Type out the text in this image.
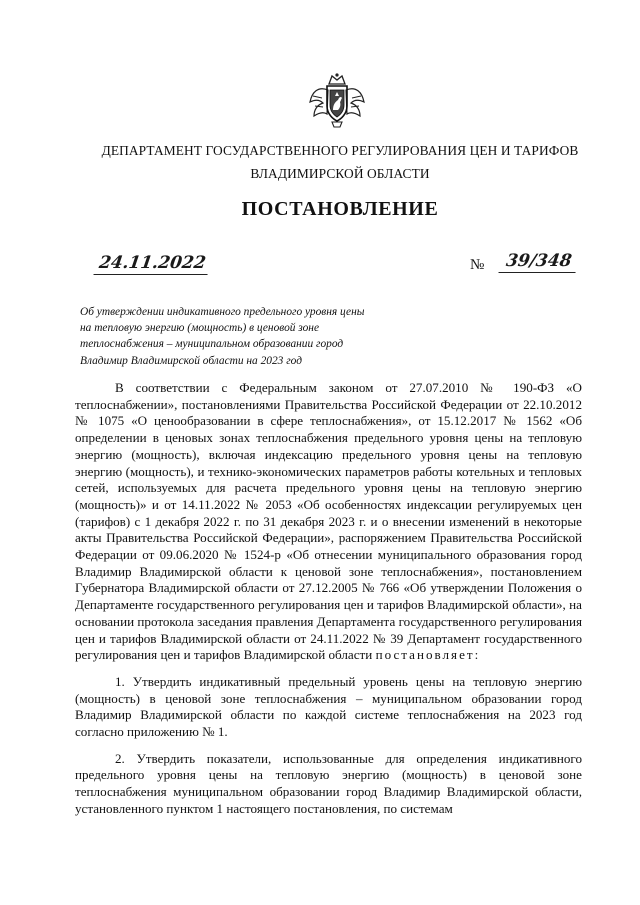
ДЕПАРТАМЕНТ ГОСУДАРСТВЕННОГО РЕГУЛИРОВАНИЯ ЦЕН И ТАРИФОВ
ВЛАДИМИРСКОЙ ОБЛАСТИ
ПОСТАНОВЛЕНИЕ
24.11.2022	№	39/348
Об утверждении индикативного предельного уровня цены на тепловую энергию (мощность) в ценовой зоне теплоснабжения – муниципальном образовании город Владимир Владимирской области на 2023 год

В соответствии с Федеральным законом от 27.07.2010 № 190-ФЗ «О теплоснабжении», постановлениями Правительства Российской Федерации от 22.10.2012 № 1075 «О ценообразовании в сфере теплоснабжения», от 15.12.2017 № 1562 «Об определении в ценовых зонах теплоснабжения предельного уровня цены на тепловую энергию (мощность), включая индексацию предельного уровня цены на тепловую энергию (мощность), и технико-экономических параметров работы котельных и тепловых сетей, используемых для расчета предельного уровня цены на тепловую энергию (мощность)» и от 14.11.2022 № 2053 «Об особенностях индексации регулируемых цен (тарифов) с 1 декабря 2022 г. по 31 декабря 2023 г. и о внесении изменений в некоторые акты Правительства Российской Федерации», распоряжением Правительства Российской Федерации от 09.06.2020 № 1524-р «Об отнесении муниципального образования город Владимир Владимирской области к ценовой зоне теплоснабжения», постановлением Губернатора Владимирской области от 27.12.2005 № 766 «Об утверждении Положения о Департаменте государственного регулирования цен и тарифов Владимирской области», на основании протокола заседания правления Департамента государственного регулирования цен и тарифов Владимирской области от 24.11.2022 № 39 Департамент государственного регулирования цен и тарифов Владимирской области постановляет:

1. Утвердить индикативный предельный уровень цены на тепловую энергию (мощность) в ценовой зоне теплоснабжения – муниципальном образовании город Владимир Владимирской области по каждой системе теплоснабжения на 2023 год согласно приложению № 1.

2. Утвердить показатели, использованные для определения индикативного предельного уровня цены на тепловую энергию (мощность) в ценовой зоне теплоснабжения муниципальном образовании город Владимир Владимирской области, установленного пунктом 1 настоящего постановления, по системам
